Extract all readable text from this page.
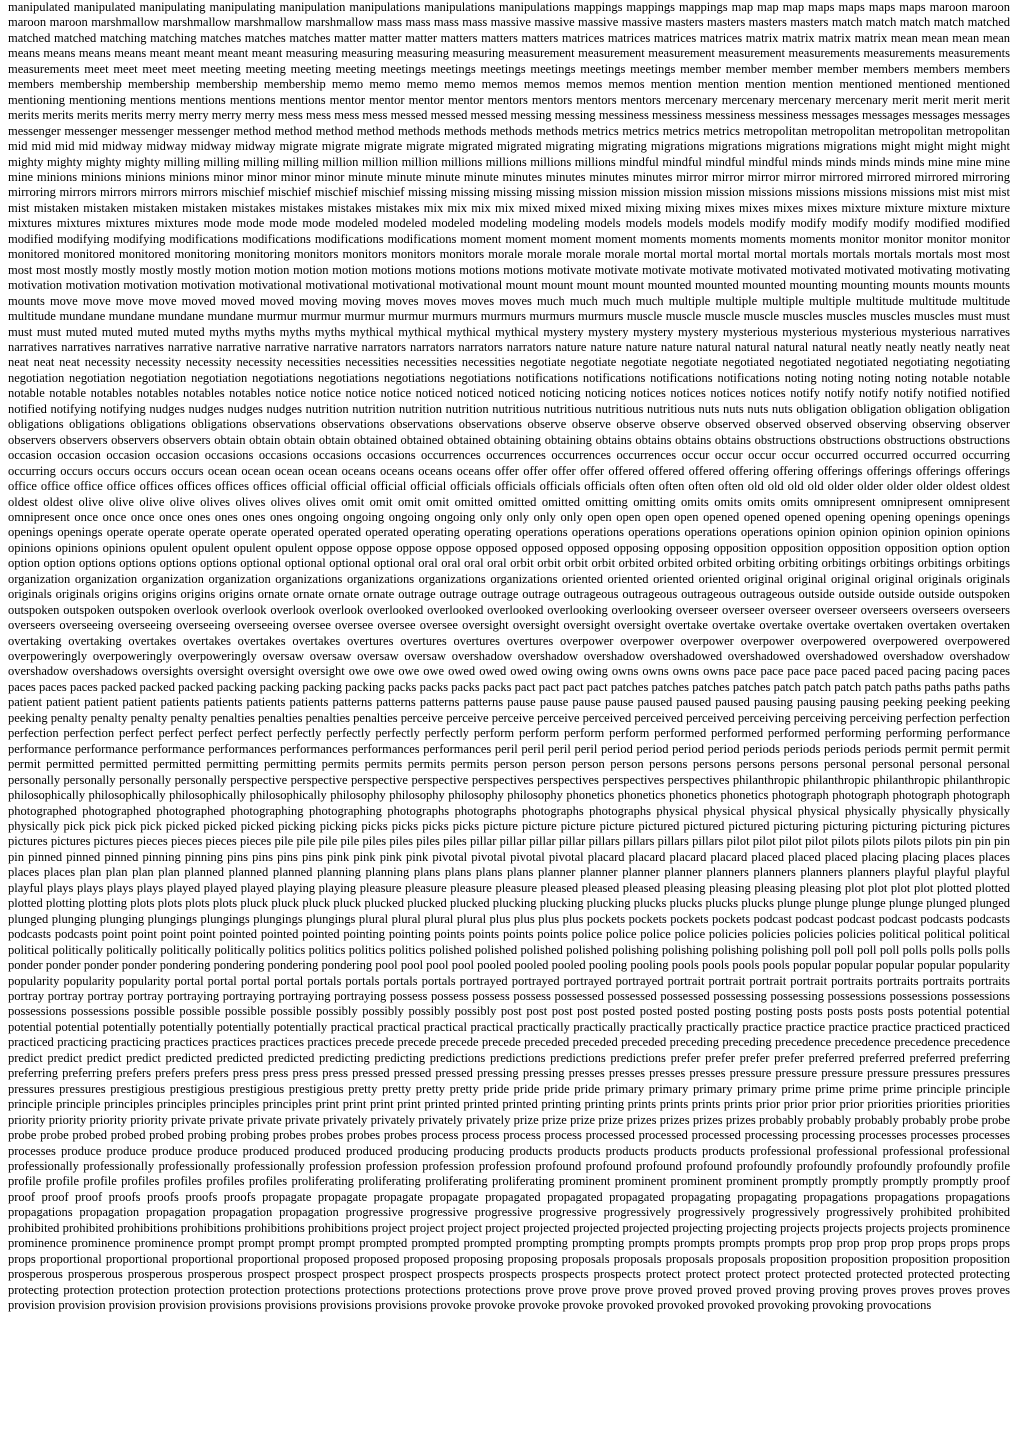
manipulated manipulated manipulating manipulating manipulation manipulations manipulations manipulations mappings mappings mappings map map map maps maps maps maps maroon maroon maroon maroon marshmallow marshmallow marshmallow marshmallow mass mass mass mass massive massive massive massive masters masters masters masters match match match match matched matched matched matching matching matches matches matches matter matter matter matters matters matters matrices matrices matrices matrices matrix matrix matrix matrix mean mean mean mean means means means means meant meant meant meant measuring measuring measuring measuring measurement measurement measurement measurement measurements measurements measurements measurements meet meet meet meet meeting meeting meeting meeting meetings meetings meetings meetings meetings meetings member member member member members members members members membership membership membership membership memo memo memo memo memos memos memos memos mention mention mention mention mentioned mentioned mentioned mentioning mentioning mentions mentions mentions mentions mentor mentor mentor mentor mentors mentors mentors mentors mercenary mercenary mercenary mercenary merit merit merit merit merits merits merits merits merry merry merry merry mess mess mess mess messed messed messed messing messing messiness messiness messiness messiness messages messages messages messages messenger messenger messenger messenger method method method method methods methods methods methods metrics metrics metrics metrics metropolitan metropolitan metropolitan metropolitan mid mid mid mid midway midway midway midway migrate migrate migrate migrate migrated migrated migrating migrating migrations migrations migrations migrations might might might might mighty mighty mighty mighty milling milling milling milling million million million millions millions millions millions mindful mindful mindful mindful minds minds minds minds mine mine mine mine minions minions minions minions minor minor minor minor minute minute minute minute minutes minutes minutes minutes mirror mirror mirror mirror mirrored mirrored mirrored mirroring mirroring mirrors mirrors mirrors mirrors mischief mischief mischief mischief missing missing missing missing mission mission mission mission missions missions missions missions mist mist mist mist mistaken mistaken mistaken mistaken mistakes mistakes mistakes mistakes mix mix mix mix mixed mixed mixed mixing mixing mixes mixes mixes mixes mixture mixture mixture mixture mixtures mixtures mixtures mixtures mode mode mode mode modeled modeled modeled modeling modeling models models models models modify modify modify modify modified modified modified modifying modifying modifications modifications modifications modifications moment moment moment moment moments moments moments moments monitor monitor monitor monitor monitored monitored monitored monitoring monitoring monitors monitors monitors monitors morale morale morale morale mortal mortal mortal mortal mortals mortals mortals mortals most most most most mostly mostly mostly mostly motion motion motion motion motions motions motions motions motivate motivate motivate motivate motivated motivated motivated motivating motivating motivation motivation motivation motivation motivational motivational motivational motivational mount mount mount mount mounted mounted mounted mounting mounting mounts mounts mounts mounts move move move move moved moved moved moving moving moves moves moves moves much much much much multiple multiple multiple multiple multitude multitude multitude multitude mundane mundane mundane mundane murmur murmur murmur murmur murmurs murmurs murmurs murmurs muscle muscle muscle muscle muscles muscles muscles muscles must must must must muted muted muted muted myths myths myths myths mythical mythical mythical mythical mystery mystery mystery mystery mysterious mysterious mysterious mysterious narratives narratives narratives narratives narrative narrative narrative narrative narrators narrators narrators narrators nature nature nature nature natural natural natural natural neatly neatly neatly neatly neat neat neat neat necessity necessity necessity necessity necessities necessities necessities necessities negotiate negotiate negotiate negotiate negotiated negotiated negotiated negotiating negotiating negotiation negotiation negotiation negotiation negotiations negotiations negotiations negotiations notifications notifications notifications notifications noting noting noting noting notable notable notable notable notables notables notables notables notice notice notice notice noticed noticed noticed noticing noticing notices notices notices notices notify notify notify notify notified notified notified notifying notifying nudges nudges nudges nudges nutrition nutrition nutrition nutrition nutritious nutritious nutritious nutritious nuts nuts nuts nuts obligation obligation obligation obligation obligations obligations obligations obligations observations observations observations observations observe observe observe observe observed observed observed observing observing observer observers observers observers observers obtain obtain obtain obtain obtained obtained obtained obtaining obtaining obtains obtains obtains obtains obstructions obstructions obstructions obstructions occasion occasion occasion occasion occasions occasions occasions occasions occurrences occurrences occurrences occurrences occur occur occur occur occurred occurred occurred occurring occurring occurs occurs occurs occurs ocean ocean ocean ocean oceans oceans oceans oceans offer offer offer offer offered offered offered offering offering offerings offerings offerings offerings office office office office offices offices offices offices official official official official officials officials officials officials often often often often old old old old older older older older oldest oldest oldest oldest olive olive olive olive olives olives olives olives omit omit omit omit omitted omitted omitted omitting omitting omits omits omits omits omnipresent omnipresent omnipresent omnipresent once once once once ones ones ones ones ongoing ongoing ongoing ongoing only only only only open open open open opened opened opened opening opening openings openings openings openings operate operate operate operate operated operated operated operating operating operations operations operations operations operations opinion opinion opinion opinion opinions opinions opinions opinions opulent opulent opulent opulent oppose oppose oppose oppose opposed opposed opposed opposing opposing opposition opposition opposition opposition option option option option options options options options optional optional optional optional oral oral oral oral orbit orbit orbit orbit orbited orbited orbited orbiting orbiting orbitings orbitings orbitings orbitings organization organization organization organization organizations organizations organizations organizations oriented oriented oriented oriented original original original original originals originals originals originals origins origins origins origins ornate ornate ornate ornate outrage outrage outrage outrage outrageous outrageous outrageous outrageous outside outside outside outside outspoken outspoken outspoken outspoken overlook overlook overlook overlook overlooked overlooked overlooked overlooking overlooking overseer overseer overseer overseer overseers overseers overseers overseers overseeing overseeing overseeing overseeing oversee oversee oversee oversee oversight oversight oversight oversight overtake overtake overtake overtake overtaken overtaken overtaken overtaking overtaking overtakes overtakes overtakes overtakes overtures overtures overtures overtures overpower overpower overpower overpower overpowered overpowered overpowered overpoweringly overpoweringly overpoweringly oversaw oversaw oversaw oversaw overshadow overshadow overshadow overshadowed overshadowed overshadowed overshadow overshadow overshadow overshadows oversights oversight oversight oversight owe owe owe owe owed owed owed owing owing owns owns owns owns pace pace pace pace paced paced pacing pacing paces paces paces paces packed packed packed packing packing packing packing packs packs packs packs pact pact pact pact patches patches patches patches patch patch patch patch paths paths paths paths patient patient patient patient patients patients patients patients patterns patterns patterns patterns pause pause pause pause paused paused paused pausing pausing pausing peeking peeking peeking peeking penalty penalty penalty penalty penalties penalties penalties penalties perceive perceive perceive perceive perceived perceived perceived perceiving perceiving perceiving perfection perfection perfection perfection perfect perfect perfect perfect perfectly perfectly perfectly perfectly perform perform perform perform performed performed performed performing performing performance performance performance performance performances performances performances performances peril peril peril peril period period period period periods periods periods periods permit permit permit permit permitted permitted permitted permitting permitting permits permits permits permits person person person person persons persons persons persons personal personal personal personal personally personally personally personally perspective perspective perspective perspective perspectives perspectives perspectives perspectives philanthropic philanthropic philanthropic philanthropic philosophically philosophically philosophically philosophically philosophy philosophy philosophy philosophy phonetics phonetics phonetics phonetics photograph photograph photograph photograph photographed photographed photographed photographing photographing photographs photographs photographs photographs physical physical physical physical physically physically physically physically pick pick pick pick picked picked picked picking picking picks picks picks picks picture picture picture picture pictured pictured pictured picturing picturing picturing picturing pictures pictures pictures pictures pieces pieces pieces pieces pile pile pile pile piles piles piles piles pillar pillar pillar pillar pillars pillars pillars pillars pilot pilot pilot pilot pilots pilots pilots pilots pin pin pin pin pinned pinned pinned pinning pinning pins pins pins pins pink pink pink pink pivotal pivotal pivotal pivotal placard placard placard placard placed placed placed placing placing places places places places plan plan plan plan planned planned planned planning planning plans plans plans plans planner planner planner planner planners planners planners planners playful playful playful playful plays plays plays plays played played played playing playing pleasure pleasure pleasure pleasure pleased pleased pleased pleasing pleasing pleasing pleasing plot plot plot plot plotted plotted plotted plotting plotting plots plots plots plots pluck pluck pluck pluck plucked plucked plucked plucking plucking plucking plucks plucks plucks plucks plunge plunge plunge plunge plunged plunged plunged plunging plunging plungings plungings plungings plungings plural plural plural plural plus plus plus plus pockets pockets pockets pockets podcast podcast podcast podcast podcasts podcasts podcasts podcasts point point point point pointed pointed pointed pointing pointing points points points points police police police police policies policies policies policies political political political political politically politically politically politically politics politics politics politics polished polished polished polished polishing polishing polishing polishing poll poll poll poll polls polls polls polls ponder ponder ponder ponder pondering pondering pondering pondering pool pool pool pool pooled pooled pooled pooling pooling pools pools pools pools popular popular popular popular popularity popularity popularity popularity portal portal portal portal portals portals portals portals portrayed portrayed portrayed portrayed portrait portrait portrait portrait portraits portraits portraits portraits portray portray portray portray portraying portraying portraying portraying possess possess possess possess possessed possessed possessed possessing possessing possessions possessions possessions possessions possessions possible possible possible possible possibly possibly possibly possibly post post post post posted posted posted posting posting posts posts posts posts potential potential potential potential potentially potentially potentially potentially practical practical practical practical practically practically practically practically practice practice practice practice practiced practiced practiced practicing practicing practices practices practices practices precede precede precede precede preceded preceded preceded preceding preceding precedence precedence precedence precedence predict predict predict predict predicted predicted predicted predicting predicting predictions predictions predictions predictions prefer prefer prefer prefer preferred preferred preferred preferring preferring preferring prefers prefers prefers press press press press pressed pressed pressed pressing pressing presses presses presses presses pressure pressure pressure pressure pressures pressures pressures pressures prestigious prestigious prestigious prestigious pretty pretty pretty pretty pride pride pride pride primary primary primary primary prime prime prime prime principle principle principle principle principles principles principles principles print print print print printed printed printed printing printing prints prints prints prints prior prior prior prior priorities priorities priorities priority priority priority priority private private private private privately privately privately privately prize prize prize prize prizes prizes prizes prizes probably probably probably probably probe probe probe probe probed probed probed probing probing probes probes probes probes process process process process processed processed processed processing processing processes processes processes processes produce produce produce produce produced produced produced producing producing products products products products products professional professional professional professional professionally professionally professionally professionally profession profession profession profession profound profound profound profound profoundly profoundly profoundly profoundly profile profile profile profile profiles profiles profiles profiles proliferating proliferating proliferating proliferating prominent prominent prominent prominent promptly promptly promptly promptly proof proof proof proof proofs proofs proofs proofs propagate propagate propagate propagate propagated propagated propagated propagating propagating propagations propagations propagations propagations propagation propagation propagation propagation progressive progressive progressive progressive progressively progressively progressively progressively prohibited prohibited prohibited prohibited prohibitions prohibitions prohibitions prohibitions project project project project projected projected projected projecting projecting projects projects projects projects prominence prominence prominence prominence prompt prompt prompt prompt prompted prompted prompted prompting prompting prompts prompts prompts prompts prop prop prop prop props props props props proportional proportional proportional proportional proposed proposed proposed proposing proposing proposals proposals proposals proposals proposition proposition proposition proposition prosperous prosperous prosperous prosperous prospect prospect prospect prospect prospects prospects prospects prospects protect protect protect protect protected protected protected protecting protecting protection protection protection protection protections protections protections protections prove prove prove prove proved proved proved proving proving proves proves proves proves provision provision provision provision provisions provisions provisions provisions provoke provoke provoke provoke provoked provoked provoked provoking provoking provocations
